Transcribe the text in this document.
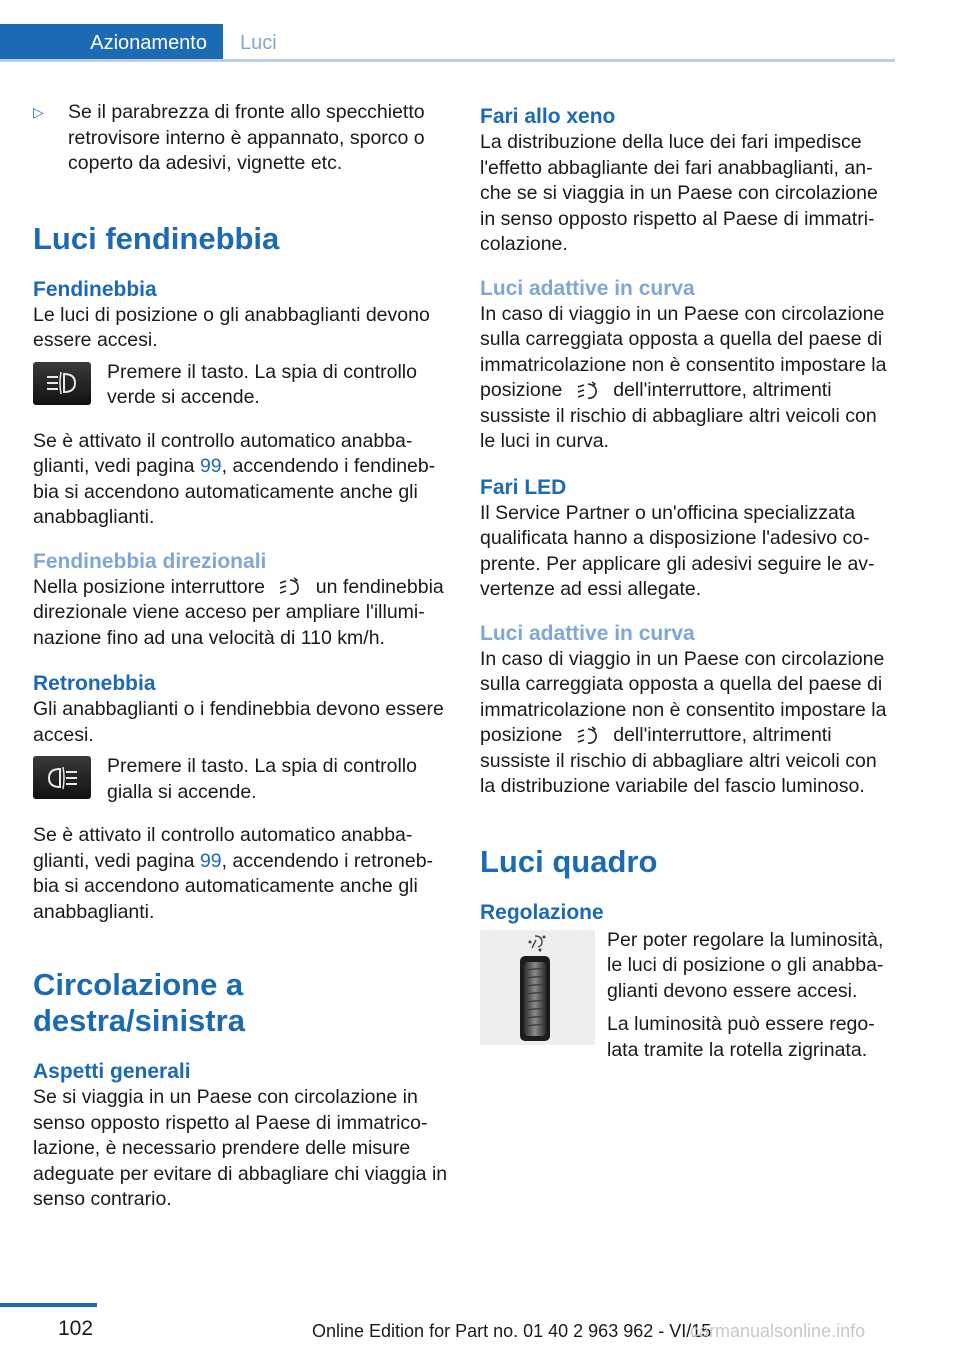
Azionamento Luci
▷ Se il parabrezza di fronte allo specchietto retrovisore interno è appannato, sporco o coperto da adesivi, vignette etc.
Luci fendinebbia
Fendinebbia

Le luci di posizione o gli anabbaglianti devono essere accesi.

Premere il tasto. La spia di controllo verde si accende.

Se è attivato il controllo automatico anabba- glianti, vedi pagina 99, accendendo i fendineb- bia si accendono automaticamente anche gli anabbaglianti.

Fendinebbia direzionali

Nella posizione interruttore  un fendinebbia direzionale viene acceso per ampliare l'illumi- nazione fino ad una velocità di 110 km/h.

Retronebbia

Gli anabbaglianti o i fendinebbia devono essere accesi.

Premere il tasto. La spia di controllo gialla si accende.

Se è attivato il controllo automatico anabba- glianti, vedi pagina 99, accendendo i retroneb- bia si accendono automaticamente anche gli anabbaglianti.

Circolazione a destra/sinistra
Aspetti generali

Se si viaggia in un Paese con circolazione in senso opposto rispetto al Paese di immatrico- lazione, è necessario prendere delle misure adeguate per evitare di abbagliare chi viaggia in senso contrario.

Fari allo xeno

La distribuzione della luce dei fari impedisce l'effetto abbagliante dei fari anabbaglianti, an- che se si viaggia in un Paese con circolazione in senso opposto rispetto al Paese di immatri- colazione.

Luci adattive in curva

In caso di viaggio in un Paese con circolazione sulla carreggiata opposta a quella del paese di immatricolazione non è consentito impostare la posizione  dell'interruttore, altrimenti sussiste il rischio di abbagliare altri veicoli con le luci in curva.

Fari LED

Il Service Partner o un'officina specializzata qualificata hanno a disposizione l'adesivo co- prente. Per applicare gli adesivi seguire le av- vertenze ad essi allegate.

Luci adattive in curva

In caso di viaggio in un Paese con circolazione sulla carreggiata opposta a quella del paese di immatricolazione non è consentito impostare la posizione  dell'interruttore, altrimenti sussiste il rischio di abbagliare altri veicoli con la distribuzione variabile del fascio luminoso.

Luci quadro
Regolazione

Per poter regolare la luminosità, le luci di posizione o gli anabba- glianti devono essere accesi.

La luminosità può essere rego- lata tramite la rotella zigrinata.

102	Online Edition for Part no. 01 40 2 963 962 - VI/15
carmanualsonline.info
